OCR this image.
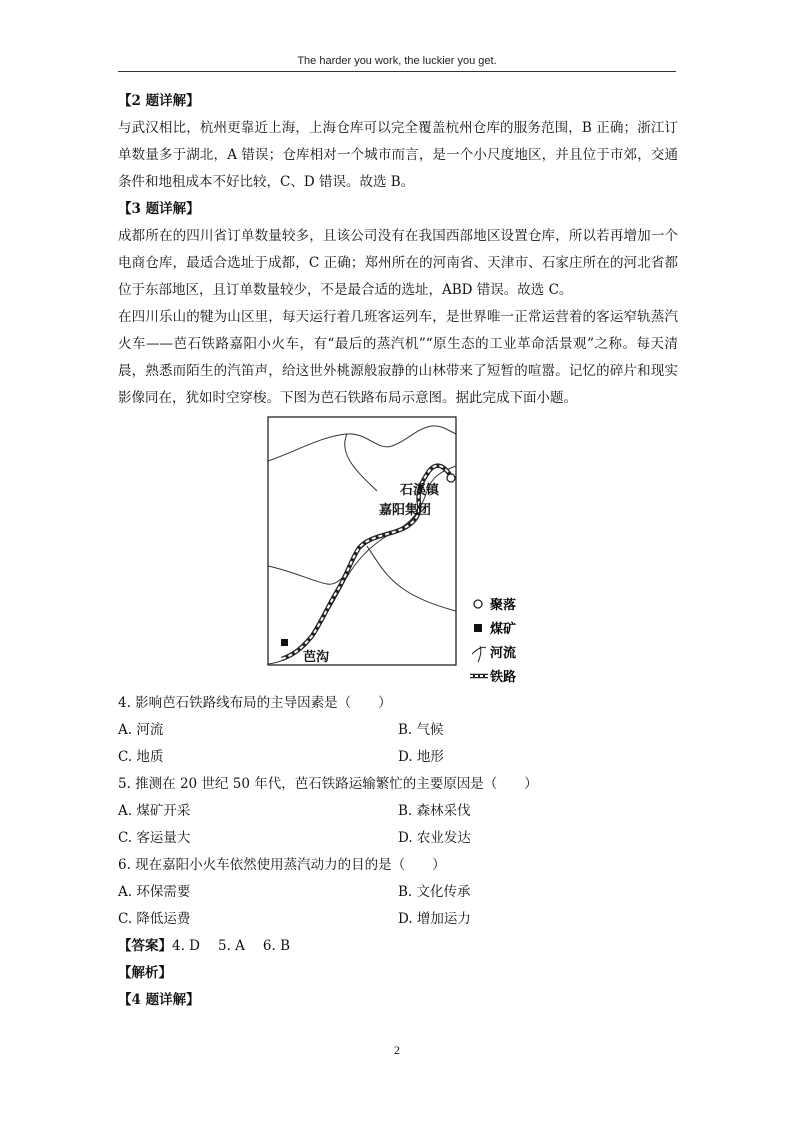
The harder you work, the luckier you get.

【2 题详解】

与武汉相比，杭州更靠近上海，上海仓库可以完全覆盖杭州仓库的服务范围，B 正确；浙江订单数量多于湖北，A 错误；仓库相对一个城市而言，是一个小尺度地区，并且位于市郊，交通条件和地租成本不好比较，C、D 错误。故选 B。

【3 题详解】

成都所在的四川省订单数量较多，且该公司没有在我国西部地区设置仓库，所以若再增加一个电商仓库，最适合选址于成都，C 正确；郑州所在的河南省、天津市、石家庄所在的河北省都位于东部地区，且订单数量较少，不是最合适的选址，ABD 错误。故选 C。

在四川乐山的犍为山区里，每天运行着几班客运列车，是世界唯一正常运营着的客运窄轨蒸汽火车——芭石铁路嘉阳小火车，有“最后的蒸汽机”“原生态的工业革命活景观”之称。每天清晨，熟悉而陌生的汽笛声，给这世外桃源般寂静的山林带来了短暂的喧嚣。记忆的碎片和现实影像同在，犹如时空穿梭。下图为芭石铁路布局示意图。据此完成下面小题。

石溪镇
嘉阳集团
芭沟
聚落
煤矿
河流
铁路

4. 影响芭石铁路线布局的主导因素是（　　）

A. 河流	B. 气候
C. 地质	D. 地形

5. 推测在 20 世纪 50 年代，芭石铁路运输繁忙的主要原因是（　　）

A. 煤矿开采	B. 森林采伐
C. 客运量大	D. 农业发达

6. 现在嘉阳小火车依然使用蒸汽动力的目的是（　　）

A. 环保需要	B. 文化传承
C. 降低运费	D. 增加运力

【答案】4. D 5. A 6. B

【解析】

【4 题详解】

2
